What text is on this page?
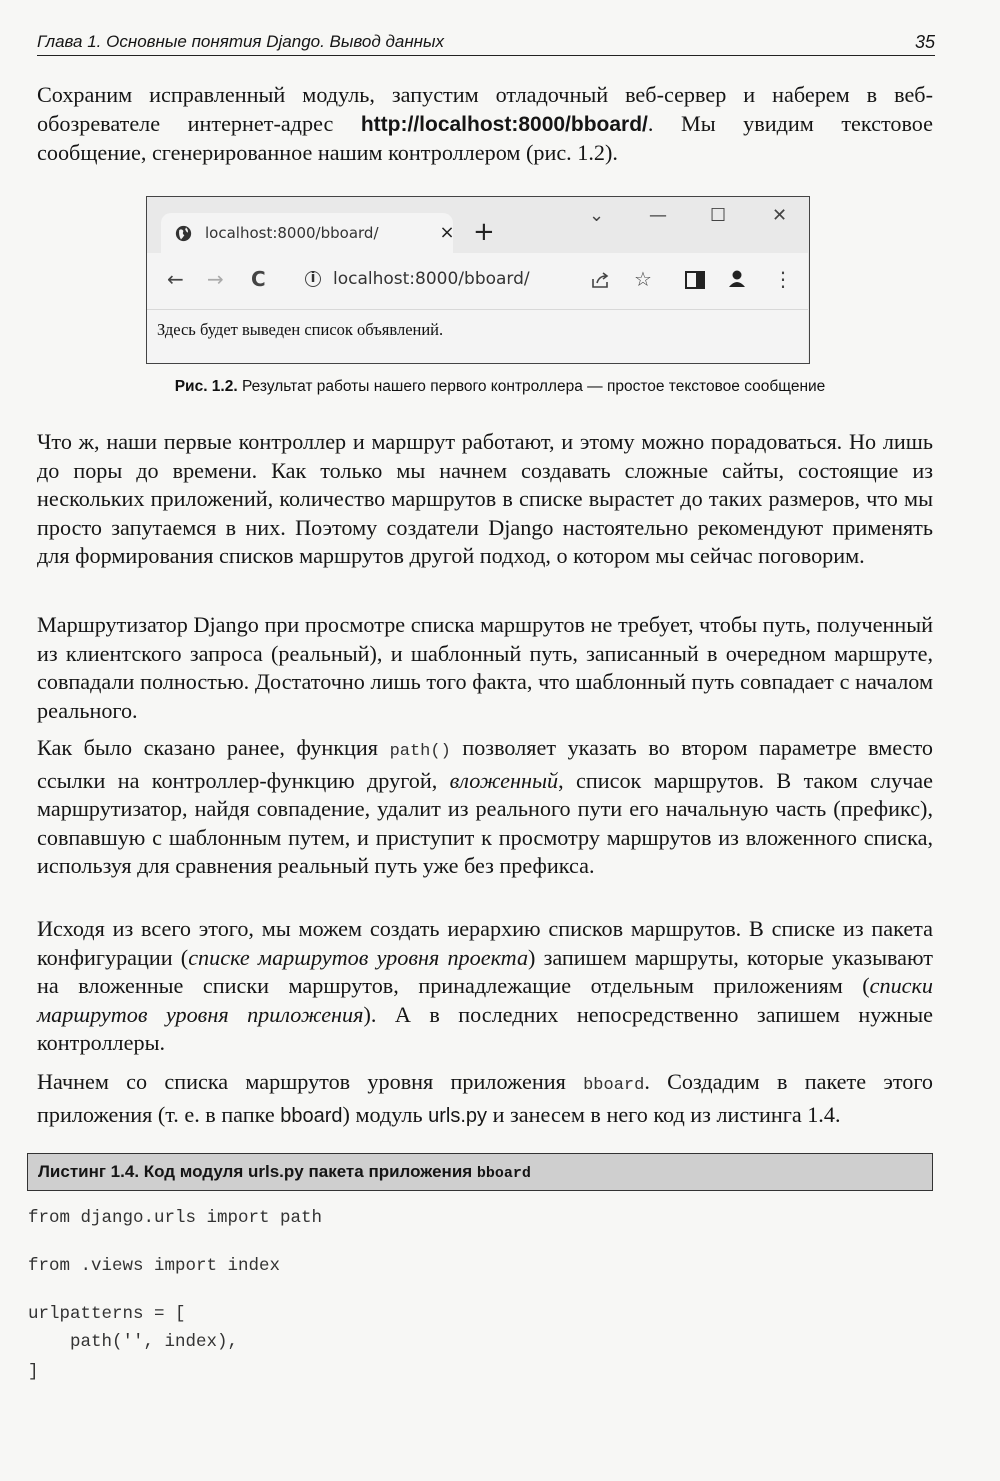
Глава 1. Основные понятия Django. Вывод данных	35

Сохраним исправленный модуль, запустим отладочный веб-сервер и наберем в веб-обозревателе интернет-адрес http://localhost:8000/bboard/. Мы увидим текстовое сообщение, сгенерированное нашим контроллером (рис. 1.2).

localhost:8000/bboard/	× +
⌄ — ☐	✕
← → C	i	localhost:8000/bboard/	☆	⋮
Здесь будет выведен список объявлений.
Рис. 1.2. Результат работы нашего первого контроллера — простое текстовое сообщение

Что ж, наши первые контроллер и маршрут работают, и этому можно порадоваться. Но лишь до поры до времени. Как только мы начнем создавать сложные сайты, состоящие из нескольких приложений, количество маршрутов в списке вырастет до таких размеров, что мы просто запутаемся в них. Поэтому создатели Django настоятельно рекомендуют применять для формирования списков маршрутов другой подход, о котором мы сейчас поговорим.

Маршрутизатор Django при просмотре списка маршрутов не требует, чтобы путь, полученный из клиентского запроса (реальный), и шаблонный путь, записанный в очередном маршруте, совпадали полностью. Достаточно лишь того факта, что шаблонный путь совпадает с началом реального.

Как было сказано ранее, функция path() позволяет указать во втором параметре вместо ссылки на контроллер-функцию другой, вложенный, список маршрутов. В таком случае маршрутизатор, найдя совпадение, удалит из реального пути его начальную часть (префикс), совпавшую с шаблонным путем, и приступит к просмотру маршрутов из вложенного списка, используя для сравнения реальный путь уже без префикса.

Исходя из всего этого, мы можем создать иерархию списков маршрутов. В списке из пакета конфигурации (списке маршрутов уровня проекта) запишем маршруты, которые указывают на вложенные списки маршрутов, принадлежащие отдельным приложениям (списки маршрутов уровня приложения). А в последних непосредственно запишем нужные контроллеры.

Начнем со списка маршрутов уровня приложения bboard. Создадим в пакете этого приложения (т. е. в папке bboard) модуль urls.py и занесем в него код из листинга 1.4.

Листинг 1.4. Код модуля urls.py пакета приложения bboard
from django.urls import path
from .views import index
urlpatterns = [
path('', index),
]
